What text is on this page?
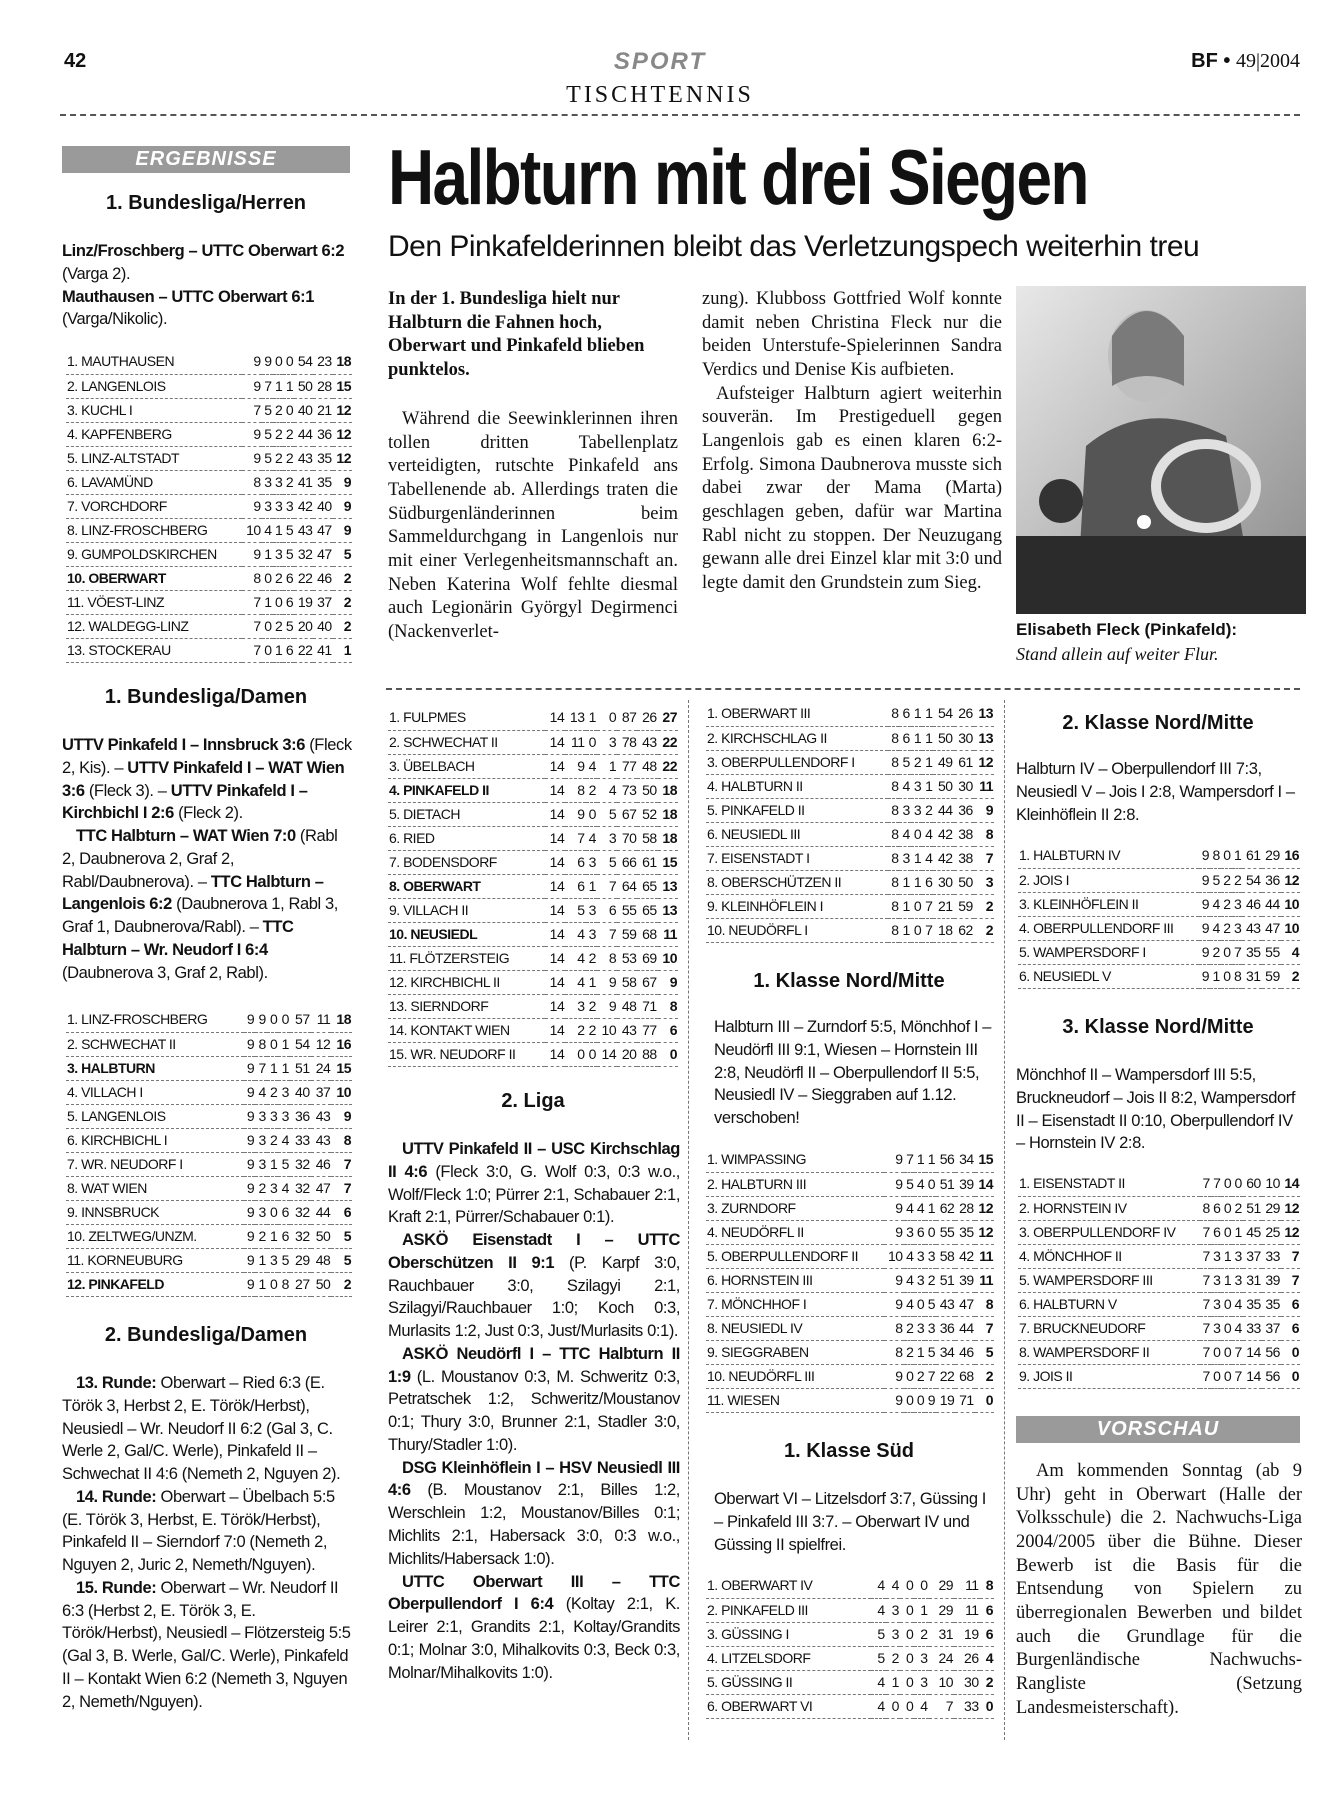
SPORT
TISCHTENNIS
42	BF • 49|2004
ERGEBNISSE
1. Bundesliga/Herren
Linz/Froschberg – UTTC Oberwart 6:2 (Varga 2).
Mauthausen – UTTC Oberwart 6:1 (Varga/Nikolic).
1. MAUTHAUSEN	9	9	0	0	54	23	18
2. LANGENLOIS	9	7	1	1	50	28	15
3. KUCHL I	7	5	2	0	40	21	12
4. KAPFENBERG	9	5	2	2	44	36	12
5. LINZ-ALTSTADT	9	5	2	2	43	35	12
6. LAVAMÜND	8	3	3	2	41	35	9
7. VORCHDORF	9	3	3	3	42	40	9
8. LINZ-FROSCHBERG	10	4	1	5	43	47	9
9. GUMPOLDSKIRCHEN	9	1	3	5	32	47	5
10. OBERWART	8	0	2	6	22	46	2
11. VÖEST-LINZ	7	1	0	6	19	37	2
12. WALDEGG-LINZ	7	0	2	5	20	40	2
13. STOCKERAU	7	0	1	6	22	41	1
1. Bundesliga/Damen
UTTV Pinkafeld I – Innsbruck 3:6 (Fleck 2, Kis). – UTTV Pinkafeld I – WAT Wien 3:6 (Fleck 3). – UTTV Pinkafeld I – Kirchbichl I 2:6 (Fleck 2).
TTC Halbturn – WAT Wien 7:0 (Rabl 2, Daubnerova 2, Graf 2, Rabl/Daubnerova). – TTC Halbturn – Langenlois 6:2 (Daubnerova 1, Rabl 3, Graf 1, Daubnerova/Rabl). – TTC Halbturn – Wr. Neudorf I 6:4 (Daubnerova 3, Graf 2, Rabl).
1. LINZ-FROSCHBERG	9	9	0	0	57	11	18
2. SCHWECHAT II	9	8	0	1	54	12	16
3. HALBTURN	9	7	1	1	51	24	15
4. VILLACH I	9	4	2	3	40	37	10
5. LANGENLOIS	9	3	3	3	36	43	9
6. KIRCHBICHL I	9	3	2	4	33	43	8
7. WR. NEUDORF I	9	3	1	5	32	46	7
8. WAT WIEN	9	2	3	4	32	47	7
9. INNSBRUCK	9	3	0	6	32	44	6
10. ZELTWEG/UNZM.	9	2	1	6	32	50	5
11. KORNEUBURG	9	1	3	5	29	48	5
12. PINKAFELD	9	1	0	8	27	50	2
2. Bundesliga/Damen
13. Runde: Oberwart – Ried 6:3 (E. Török 3, Herbst 2, E. Török/Herbst), Neusiedl – Wr. Neudorf II 6:2 (Gal 3, C. Werle 2, Gal/C. Werle), Pinkafeld II – Schwechat II 4:6 (Nemeth 2, Nguyen 2).
14. Runde: Oberwart – Übelbach 5:5 (E. Török 3, Herbst, E. Török/Herbst), Pinkafeld II – Sierndorf 7:0 (Nemeth 2, Nguyen 2, Juric 2, Nemeth/Nguyen).
15. Runde: Oberwart – Wr. Neudorf II 6:3 (Herbst 2, E. Török 3, E. Török/Herbst), Neusiedl – Flötzersteig 5:5 (Gal 3, B. Werle, Gal/C. Werle), Pinkafeld II – Kontakt Wien 6:2 (Nemeth 3, Nguyen 2, Nemeth/Nguyen).
Halbturn mit drei Siegen
Den Pinkafelderinnen bleibt das Verletzungspech weiterhin treu
In der 1. Bundesliga hielt nur Halbturn die Fahnen hoch, Oberwart und Pinkafeld blieben punktelos.
Während die Seewinklerinnen ihren tollen dritten Tabellenplatz verteidigten, rutschte Pinkafeld ans Tabellenende ab. Allerdings traten die Südburgenländerinnen beim Sammeldurchgang in Langenlois nur mit einer Verlegenheitsmannschaft an. Neben Katerina Wolf fehlte diesmal auch Legionärin Györgyl Degirmenci (Nackenverlet-
zung). Klubboss Gottfried Wolf konnte damit neben Christina Fleck nur die beiden Unterstufe-Spielerinnen Sandra Verdics und Denise Kis aufbieten.
Aufsteiger Halbturn agiert weiterhin souverän. Im Prestigeduell gegen Langenlois gab es einen klaren 6:2-Erfolg. Simona Daubnerova musste sich dabei zwar der Mama (Marta) geschlagen geben, dafür war Martina Rabl nicht zu stoppen. Der Neuzugang gewann alle drei Einzel klar mit 3:0 und legte damit den Grundstein zum Sieg.
Elisabeth Fleck (Pinkafeld):
Stand allein auf weiter Flur.
1. FULPMES	14	13	1	0	87	26	27
2. SCHWECHAT II	14	11	0	3	78	43	22
3. ÜBELBACH	14	9	4	1	77	48	22
4. PINKAFELD II	14	8	2	4	73	50	18
5. DIETACH	14	9	0	5	67	52	18
6. RIED	14	7	4	3	70	58	18
7. BODENSDORF	14	6	3	5	66	61	15
8. OBERWART	14	6	1	7	64	65	13
9. VILLACH II	14	5	3	6	55	65	13
10. NEUSIEDL	14	4	3	7	59	68	11
11. FLÖTZERSTEIG	14	4	2	8	53	69	10
12. KIRCHBICHL II	14	4	1	9	58	67	9
13. SIERNDORF	14	3	2	9	48	71	8
14. KONTAKT WIEN	14	2	2	10	43	77	6
15. WR. NEUDORF II	14	0	0	14	20	88	0
2. Liga
UTTV Pinkafeld II – USC Kirchschlag II 4:6 (Fleck 3:0, G. Wolf 0:3, 0:3 w.o., Wolf/Fleck 1:0; Pürrer 2:1, Schabauer 2:1, Kraft 2:1, Pürrer/Schabauer 0:1).
ASKÖ Eisenstadt I – UTTC Oberschützen II 9:1 (P. Karpf 3:0, Rauchbauer 3:0, Szilagyi 2:1, Szilagyi/Rauchbauer 1:0; Koch 0:3, Murlasits 1:2, Just 0:3, Just/Murlasits 0:1).
ASKÖ Neudörfl I – TTC Halbturn II 1:9 (L. Moustanov 0:3, M. Schweritz 0:3, Petratschek 1:2, Schweritz/Moustanov 0:1; Thury 3:0, Brunner 2:1, Stadler 3:0, Thury/Stadler 1:0).
DSG Kleinhöflein I – HSV Neusiedl III 4:6 (B. Moustanov 2:1, Billes 1:2, Werschlein 1:2, Moustanov/Billes 0:1; Michlits 2:1, Habersack 3:0, 0:3 w.o., Michlits/Habersack 1:0).
UTTC Oberwart III – TTC Oberpullendorf I 6:4 (Koltay 2:1, K. Leirer 2:1, Grandits 2:1, Koltay/Grandits 0:1; Molnar 3:0, Mihalkovits 0:3, Beck 0:3, Molnar/Mihalkovits 1:0).
1. OBERWART III	8	6	1	1	54	26	13
2. KIRCHSCHLAG II	8	6	1	1	50	30	13
3. OBERPULLENDORF I	8	5	2	1	49	61	12
4. HALBTURN II	8	4	3	1	50	30	11
5. PINKAFELD II	8	3	3	2	44	36	9
6. NEUSIEDL III	8	4	0	4	42	38	8
7. EISENSTADT I	8	3	1	4	42	38	7
8. OBERSCHÜTZEN II	8	1	1	6	30	50	3
9. KLEINHÖFLEIN I	8	1	0	7	21	59	2
10. NEUDÖRFL I	8	1	0	7	18	62	2
1. Klasse Nord/Mitte
Halbturn III – Zurndorf 5:5, Mönchhof I – Neudörfl III 9:1, Wiesen – Hornstein III 2:8, Neudörfl II – Oberpullendorf II 5:5, Neusiedl IV – Sieggraben auf 1.12. verschoben!
1. WIMPASSING	9	7	1	1	56	34	15
2. HALBTURN III	9	5	4	0	51	39	14
3. ZURNDORF	9	4	4	1	62	28	12
4. NEUDÖRFL II	9	3	6	0	55	35	12
5. OBERPULLENDORF II	10	4	3	3	58	42	11
6. HORNSTEIN III	9	4	3	2	51	39	11
7. MÖNCHHOF I	9	4	0	5	43	47	8
8. NEUSIEDL IV	8	2	3	3	36	44	7
9. SIEGGRABEN	8	2	1	5	34	46	5
10. NEUDÖRFL III	9	0	2	7	22	68	2
11. WIESEN	9	0	0	9	19	71	0
1. Klasse Süd
Oberwart VI – Litzelsdorf 3:7, Güssing I – Pinkafeld III 3:7. – Oberwart IV und Güssing II spielfrei.
1. OBERWART IV	4	4	0	0	29	11	8
2. PINKAFELD III	4	3	0	1	29	11	6
3. GÜSSING I	5	3	0	2	31	19	6
4. LITZELSDORF	5	2	0	3	24	26	4
5. GÜSSING II	4	1	0	3	10	30	2
6. OBERWART VI	4	0	0	4	7	33	0
2. Klasse Nord/Mitte
Halbturn IV – Oberpullendorf III 7:3, Neusiedl V – Jois I 2:8, Wampersdorf I – Kleinhöflein II 2:8.
1. HALBTURN IV	9	8	0	1	61	29	16
2. JOIS I	9	5	2	2	54	36	12
3. KLEINHÖFLEIN II	9	4	2	3	46	44	10
4. OBERPULLENDORF III	9	4	2	3	43	47	10
5. WAMPERSDORF I	9	2	0	7	35	55	4
6. NEUSIEDL V	9	1	0	8	31	59	2
3. Klasse Nord/Mitte
Mönchhof II – Wampersdorf III 5:5, Bruckneudorf – Jois II 8:2, Wampersdorf II – Eisenstadt II 0:10, Oberpullendorf IV – Hornstein IV 2:8.
1. EISENSTADT II	7	7	0	0	60	10	14
2. HORNSTEIN IV	8	6	0	2	51	29	12
3. OBERPULLENDORF IV	7	6	0	1	45	25	12
4. MÖNCHHOF II	7	3	1	3	37	33	7
5. WAMPERSDORF III	7	3	1	3	31	39	7
6. HALBTURN V	7	3	0	4	35	35	6
7. BRUCKNEUDORF	7	3	0	4	33	37	6
8. WAMPERSDORF II	7	0	0	7	14	56	0
9. JOIS II	7	0	0	7	14	56	0
VORSCHAU
Am kommenden Sonntag (ab 9 Uhr) geht in Oberwart (Halle der Volksschule) die 2. Nachwuchs-Liga 2004/2005 über die Bühne. Dieser Bewerb ist die Basis für die Entsendung von Spielern zu überregionalen Bewerben und bildet auch die Grundlage für die Burgenländische Nachwuchs-Rangliste (Setzung Landesmeisterschaft).
